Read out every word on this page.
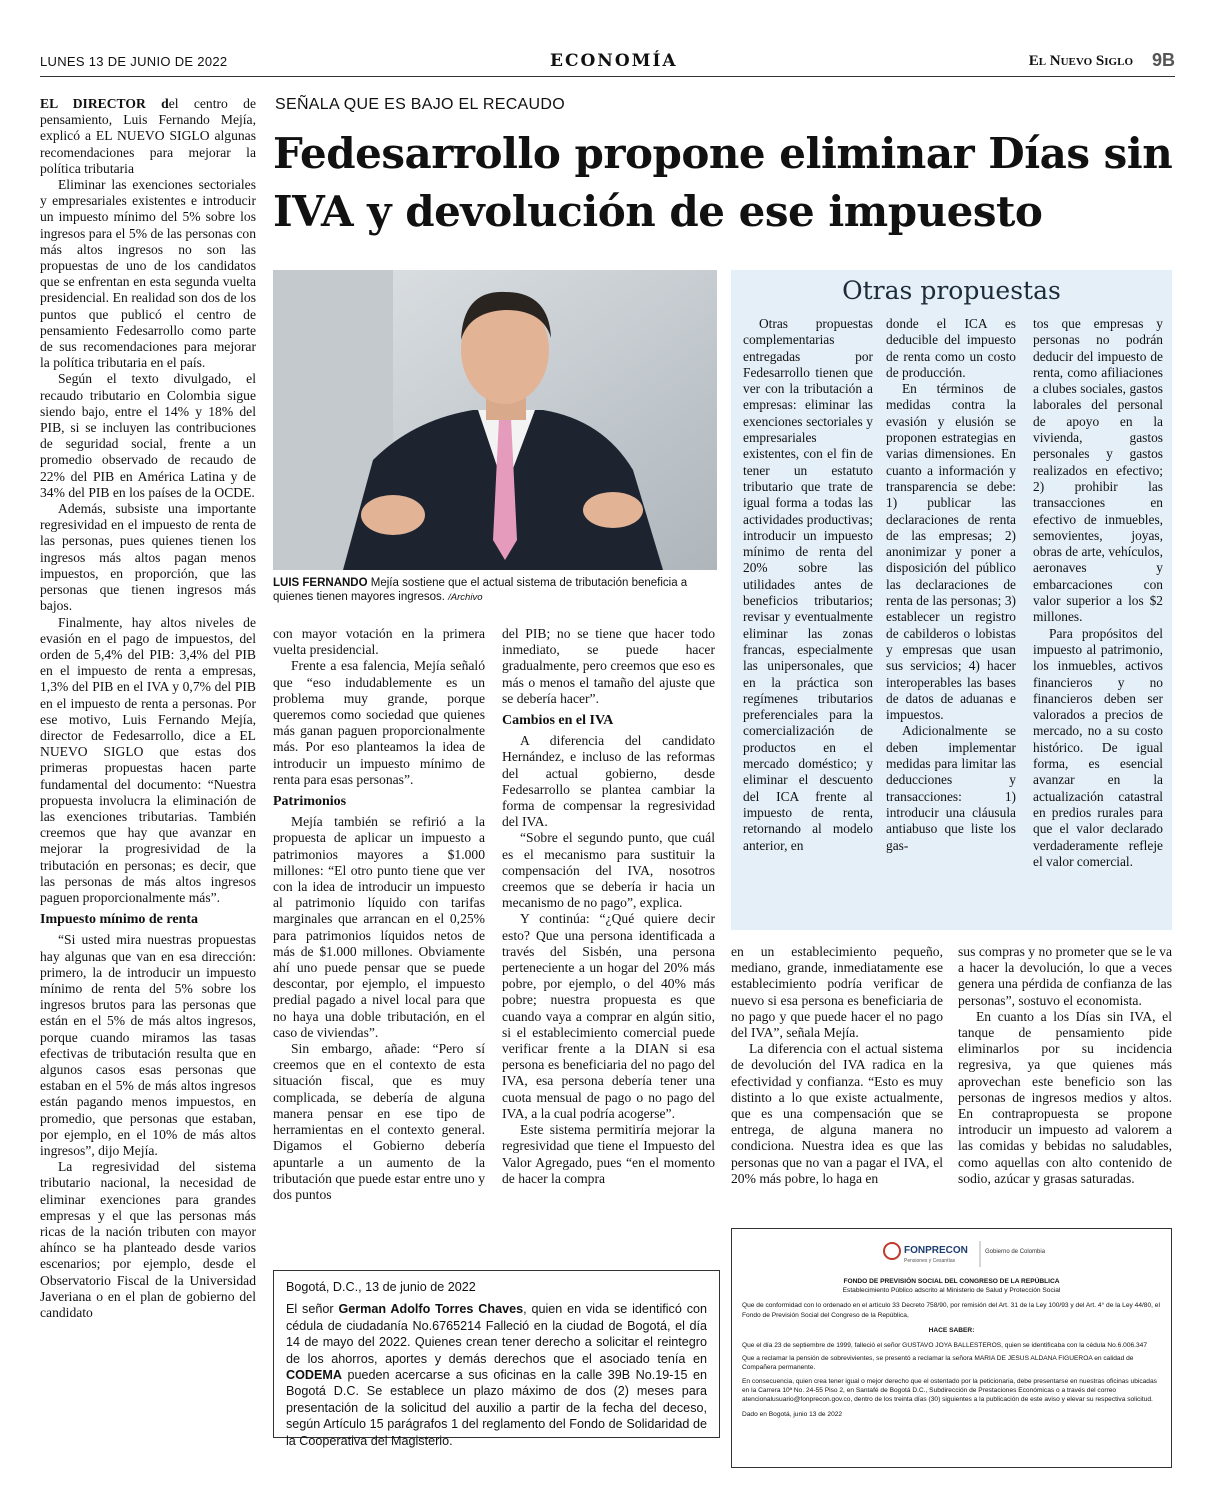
LUNES 13 DE JUNIO DE 2022	ECONOMÍA	El Nuevo Siglo 9B

EL DIRECTOR del centro de pensamiento, Luis Fernando Mejía, explicó a EL NUEVO SIGLO algunas recomendaciones para mejorar la política tributaria

Eliminar las exenciones sectoriales y empresariales existentes e introducir un impuesto mínimo del 5% sobre los ingresos para el 5% de las personas con más altos ingresos no son las propuestas de uno de los candidatos que se enfrentan en esta segunda vuelta presidencial. En realidad son dos de los puntos que publicó el centro de pensamiento Fedesarrollo como parte de sus recomendaciones para mejorar la política tributaria en el país.

Según el texto divulgado, el recaudo tributario en Colombia sigue siendo bajo, entre el 14% y 18% del PIB, si se incluyen las contribuciones de seguridad social, frente a un promedio observado de recaudo de 22% del PIB en América Latina y de 34% del PIB en los países de la OCDE.

Además, subsiste una importante regresividad en el impuesto de renta de las personas, pues quienes tienen los ingresos más altos pagan menos impuestos, en proporción, que las personas que tienen ingresos más bajos.

Finalmente, hay altos niveles de evasión en el pago de impuestos, del orden de 5,4% del PIB: 3,4% del PIB en el impuesto de renta a empresas, 1,3% del PIB en el IVA y 0,7% del PIB en el impuesto de renta a personas. Por ese motivo, Luis Fernando Mejía, director de Fedesarrollo, dice a EL NUEVO SIGLO que estas dos primeras propuestas hacen parte fundamental del documento: “Nuestra propuesta involucra la eliminación de las exenciones tributarias. También creemos que hay que avanzar en mejorar la progresividad de la tributación en personas; es decir, que las personas de más altos ingresos paguen proporcionalmente más”.

Impuesto mínimo de renta

“Si usted mira nuestras propuestas hay algunas que van en esa dirección: primero, la de introducir un impuesto mínimo de renta del 5% sobre los ingresos brutos para las personas que están en el 5% de más altos ingresos, porque cuando miramos las tasas efectivas de tributación resulta que en algunos casos esas personas que estaban en el 5% de más altos ingresos están pagando menos impuestos, en promedio, que personas que estaban, por ejemplo, en el 10% de más altos ingresos”, dijo Mejía.

La regresividad del sistema tributario nacional, la necesidad de eliminar exenciones para grandes empresas y el que las personas más ricas de la nación tributen con mayor ahínco se ha planteado desde varios escenarios; por ejemplo, desde el Observatorio Fiscal de la Universidad Javeriana o en el plan de gobierno del candidato

SEÑALA QUE ES BAJO EL RECAUDO
Fedesarrollo propone eliminar Días sin IVA y devolución de ese impuesto
LUIS FERNANDO Mejía sostiene que el actual sistema de tributación beneficia a quienes tienen mayores ingresos. /Archivo

con mayor votación en la primera vuelta presidencial.

Frente a esa falencia, Mejía señaló que “eso indudablemente es un problema muy grande, porque queremos como sociedad que quienes más ganan paguen proporcionalmente más. Por eso planteamos la idea de introducir un impuesto mínimo de renta para esas personas”.

Patrimonios

Mejía también se refirió a la propuesta de aplicar un impuesto a patrimonios mayores a $1.000 millones: “El otro punto tiene que ver con la idea de introducir un impuesto al patrimonio líquido con tarifas marginales que arrancan en el 0,25% para patrimonios líquidos netos de más de $1.000 millones. Obviamente ahí uno puede pensar que se puede descontar, por ejemplo, el impuesto predial pagado a nivel local para que no haya una doble tributación, en el caso de viviendas”.

Sin embargo, añade: “Pero sí creemos que en el contexto de esta situación fiscal, que es muy complicada, se debería de alguna manera pensar en ese tipo de herramientas en el contexto general. Digamos el Gobierno debería apuntarle a un aumento de la tributación que puede estar entre uno y dos puntos

del PIB; no se tiene que hacer todo inmediato, se puede hacer gradualmente, pero creemos que eso es más o menos el tamaño del ajuste que se debería hacer”.

Cambios en el IVA

A diferencia del candidato Hernández, e incluso de las reformas del actual gobierno, desde Fedesarrollo se plantea cambiar la forma de compensar la regresividad del IVA.

“Sobre el segundo punto, que cuál es el mecanismo para sustituir la compensación del IVA, nosotros creemos que se debería ir hacia un mecanismo de no pago”, explica.

Y continúa: “¿Qué quiere decir esto? Que una persona identificada a través del Sisbén, una persona perteneciente a un hogar del 20% más pobre, por ejemplo, o del 40% más pobre; nuestra propuesta es que cuando vaya a comprar en algún sitio, si el establecimiento comercial puede verificar frente a la DIAN si esa persona es beneficiaria del no pago del IVA, esa persona debería tener una cuota mensual de pago o no pago del IVA, a la cual podría acogerse”.

Este sistema permitiría mejorar la regresividad que tiene el Impuesto del Valor Agregado, pues “en el momento de hacer la compra

Otras propuestas

Otras propuestas complementarias entregadas por Fedesarrollo tienen que ver con la tributación a empresas: eliminar las exenciones sectoriales y empresariales existentes, con el fin de tener un estatuto tributario que trate de igual forma a todas las actividades productivas; introducir un impuesto mínimo de renta del 20% sobre las utilidades antes de beneficios tributarios; revisar y eventualmente eliminar las zonas francas, especialmente las unipersonales, que en la práctica son regímenes tributarios preferenciales para la comercialización de productos en el mercado doméstico; y eliminar el descuento del ICA frente al impuesto de renta, retornando al modelo anterior, en

donde el ICA es deducible del impuesto de renta como un costo de producción.

En términos de medidas contra la evasión y elusión se proponen estrategias en varias dimensiones. En cuanto a información y transparencia se debe: 1) publicar las declaraciones de renta de las empresas; 2) anonimizar y poner a disposición del público las declaraciones de renta de las personas; 3) establecer un registro de cabilderos o lobistas y empresas que usan sus servicios; 4) hacer interoperables las bases de datos de aduanas e impuestos.

Adicionalmente se deben implementar medidas para limitar las deducciones y transacciones: 1) introducir una cláusula antiabuso que liste los gas-

tos que empresas y personas no podrán deducir del impuesto de renta, como afiliaciones a clubes sociales, gastos laborales del personal de apoyo en la vivienda, gastos personales y gastos realizados en efectivo; 2) prohibir las transacciones en efectivo de inmuebles, semovientes, joyas, obras de arte, vehículos, aeronaves y embarcaciones con valor superior a los $2 millones.

Para propósitos del impuesto al patrimonio, los inmuebles, activos financieros y no financieros deben ser valorados a precios de mercado, no a su costo histórico. De igual forma, es esencial avanzar en la actualización catastral en predios rurales para que el valor declarado verdaderamente refleje el valor comercial.

en un establecimiento pequeño, mediano, grande, inmediatamente ese establecimiento podría verificar de nuevo si esa persona es beneficiaria de no pago y que puede hacer el no pago del IVA”, señala Mejía.

La diferencia con el actual sistema de devolución del IVA radica en la efectividad y confianza. “Esto es muy distinto a lo que existe actualmente, que es una compensación que se entrega, de alguna manera no condiciona. Nuestra idea es que las personas que no van a pagar el IVA, el 20% más pobre, lo haga en

sus compras y no prometer que se le va a hacer la devolución, lo que a veces genera una pérdida de confianza de las personas”, sostuvo el economista.

En cuanto a los Días sin IVA, el tanque de pensamiento pide eliminarlos por su incidencia regresiva, ya que quienes más aprovechan este beneficio son las personas de ingresos medios y altos. En contrapropuesta se propone introducir un impuesto ad valorem a las comidas y bebidas no saludables, como aquellas con alto contenido de sodio, azúcar y grasas saturadas.

Bogotá, D.C., 13 de junio de 2022
El señor German Adolfo Torres Chaves, quien en vida se identificó con cédula de ciudadanía No.6765214 Falleció en la ciudad de Bogotá, el día 14 de mayo del 2022. Quienes crean tener derecho a solicitar el reintegro de los ahorros, aportes y demás derechos que el asociado tenía en CODEMA pueden acercarse a sus oficinas en la calle 39B No.19-15 en Bogotá D.C. Se establece un plazo máximo de dos (2) meses para presentación de la solicitud del auxilio a partir de la fecha del deceso, según Artículo 15 parágrafos 1 del reglamento del Fondo de Solidaridad de la Cooperativa del Magisterio.
FONPRECON
Pensiones y Cesantías
Gobierno de Colombia
FONDO DE PREVISIÓN SOCIAL DEL CONGRESO DE LA REPÚBLICA
Establecimiento Público adscrito al Ministerio de Salud y Protección Social
Que de conformidad con lo ordenado en el artículo 33 Decreto 758/90, por remisión del Art. 31 de la Ley 100/93 y del Art. 4° de la Ley 44/80, el Fondo de Previsión Social del Congreso de la República,
HACE SABER:
Que el día 23 de septiembre de 1999, falleció el señor GUSTAVO JOYA BALLESTEROS, quien se identificaba con la cédula No.6.006.347
Que a reclamar la pensión de sobrevivientes, se presentó a reclamar la señora MARIA DE JESUS ALDANA FIGUEROA en calidad de Compañera permanente.
En consecuencia, quien crea tener igual o mejor derecho que el ostentado por la peticionaria, debe presentarse en nuestras oficinas ubicadas en la Carrera 10ª No. 24-55 Piso 2, en Santafé de Bogotá D.C., Subdirección de Prestaciones Económicas o a través del correo atencionalusuario@fonprecon.gov.co, dentro de los treinta días (30) siguientes a la publicación de este aviso y elevar su respectiva solicitud.
Dado en Bogotá, junio 13 de 2022
